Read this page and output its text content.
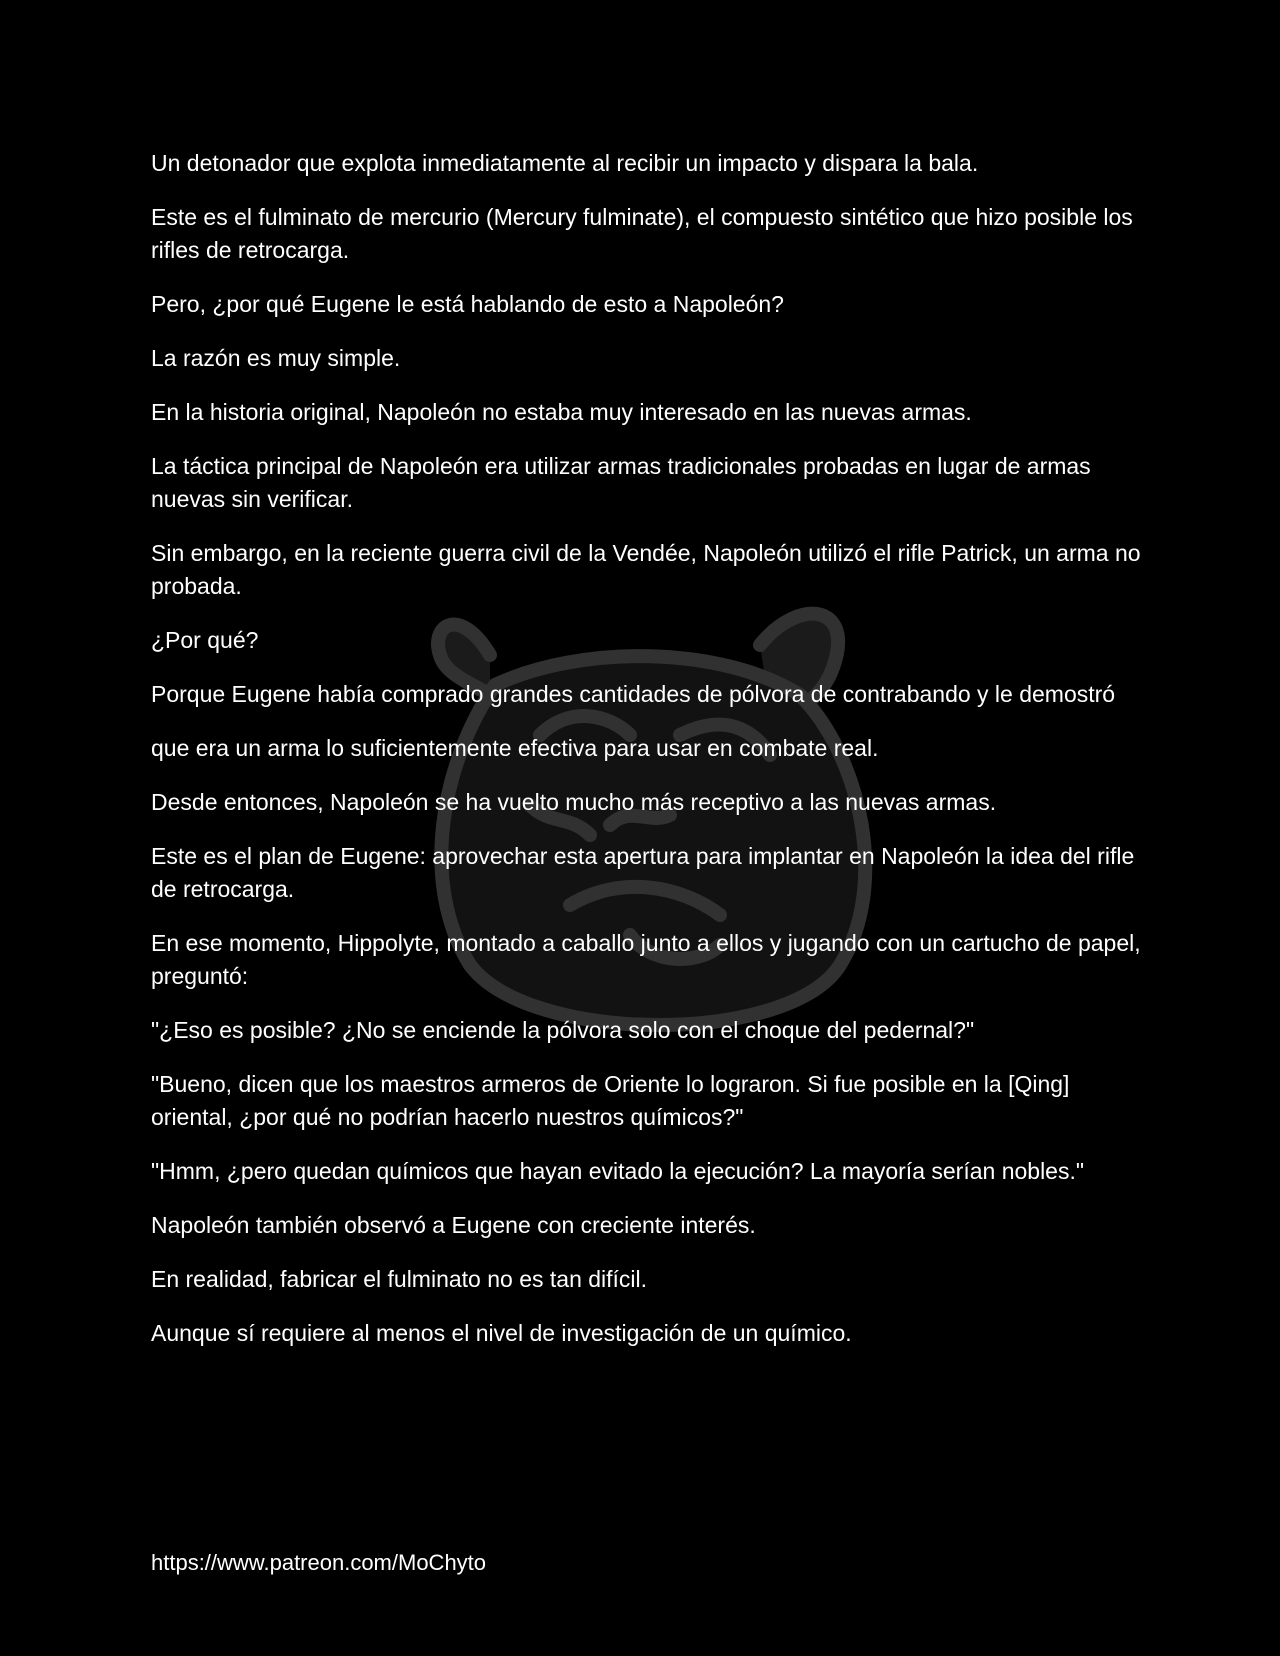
Un detonador que explota inmediatamente al recibir un impacto y dispara la bala.

Este es el fulminato de mercurio (Mercury fulminate), el compuesto sintético que hizo posible los rifles de retrocarga.

Pero, ¿por qué Eugene le está hablando de esto a Napoleón?

La razón es muy simple.

En la historia original, Napoleón no estaba muy interesado en las nuevas armas.

La táctica principal de Napoleón era utilizar armas tradicionales probadas en lugar de armas nuevas sin verificar.

Sin embargo, en la reciente guerra civil de la Vendée, Napoleón utilizó el rifle Patrick, un arma no probada.

¿Por qué?

Porque Eugene había comprado grandes cantidades de pólvora de contrabando y le demostró

que era un arma lo suficientemente efectiva para usar en combate real.

Desde entonces, Napoleón se ha vuelto mucho más receptivo a las nuevas armas.

Este es el plan de Eugene: aprovechar esta apertura para implantar en Napoleón la idea del rifle de retrocarga.

En ese momento, Hippolyte, montado a caballo junto a ellos y jugando con un cartucho de papel, preguntó:

"¿Eso es posible? ¿No se enciende la pólvora solo con el choque del pedernal?"

"Bueno, dicen que los maestros armeros de Oriente lo lograron. Si fue posible en la [Qing] oriental, ¿por qué no podrían hacerlo nuestros químicos?"

"Hmm, ¿pero quedan químicos que hayan evitado la ejecución? La mayoría serían nobles."

Napoleón también observó a Eugene con creciente interés.

En realidad, fabricar el fulminato no es tan difícil.

Aunque sí requiere al menos el nivel de investigación de un químico.

https://www.patreon.com/MoChyto
